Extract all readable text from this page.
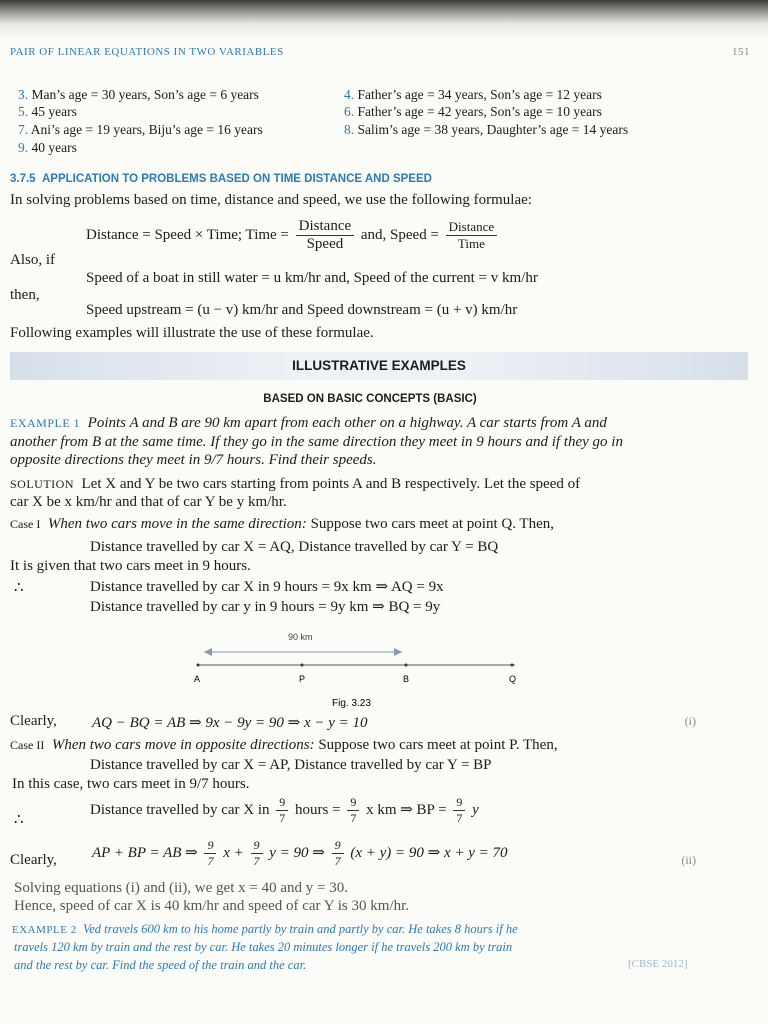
PAIR OF LINEAR EQUATIONS IN TWO VARIABLES	151
3. Man’s age = 30 years, Son’s age = 6 years	4. Father’s age = 34 years, Son’s age = 12 years
5. 45 years	6. Father’s age = 42 years, Son’s age = 10 years
7. Ani’s age = 19 years, Biju’s age = 16 years	8. Salim’s age = 38 years, Daughter’s age = 14 years
9. 40 years
3.7.5 APPLICATION TO PROBLEMS BASED ON TIME DISTANCE AND SPEED
In solving problems based on time, distance and speed, we use the following formulae:
Distance = Speed × Time; Time = $\frac{\text{Distance}}{\text{Speed}}$ and, Speed = $\frac{\text{Distance}}{\text{Time}}$
Also, if
Speed of a boat in still water = u km/hr and, Speed of the current = v km/hr
then,
Speed upstream = (u − v) km/hr and Speed downstream = (u + v) km/hr
Following examples will illustrate the use of these formulae.
ILLUSTRATIVE EXAMPLES
BASED ON BASIC CONCEPTS (BASIC)
EXAMPLE 1 Points A and B are 90 km apart from each other on a highway. A car starts from A and
another from B at the same time. If they go in the same direction they meet in 9 hours and if they go in
opposite directions they meet in 9/7 hours. Find their speeds.
SOLUTION Let X and Y be two cars starting from points A and B respectively. Let the speed of
car X be x km/hr and that of car Y be y km/hr.
Case I When two cars move in the same direction: Suppose two cars meet at point Q. Then,
Distance travelled by car X = AQ, Distance travelled by car Y = BQ
It is given that two cars meet in 9 hours.
∴	Distance travelled by car X in 9 hours = 9x km ⇒ AQ = 9x
Distance travelled by car y in 9 hours = 9y km ⇒ BQ = 9y
90 km
A	P	B	Q
Fig. 3.23
Clearly, AQ − BQ = AB ⇒ 9x − 9y = 90 ⇒ x − y = 10	(i)
Case II When two cars move in opposite directions: Suppose two cars meet at point P. Then,
Distance travelled by car X = AP, Distance travelled by car Y = BP
In this case, two cars meet in 9/7 hours.
∴
Distance travelled by car X in $\frac{9}{7}$ hours = $\frac{9}{7}$ x km ⇒ BP = $\frac{9}{7}$ y
Clearly, AP + BP = AB ⇒ $\frac{9}{7}$ $x + \frac{9}{7}$ y = 90 ⇒ $\frac{9}{7} (x + y) = 90$ ⇒ x + y = 70	(ii)
Solving equations (i) and (ii), we get x = 40 and y = 30.
Hence, speed of car X is 40 km/hr and speed of car Y is 30 km/hr.
EXAMPLE 2 Ved travels 600 km to his home partly by train and partly by car. He takes 8 hours if he
travels 120 km by train and the rest by car. He takes 20 minutes longer if he travels 200 km by train
and the rest by car. Find the speed of the train and the car.	[CBSE 2012]
